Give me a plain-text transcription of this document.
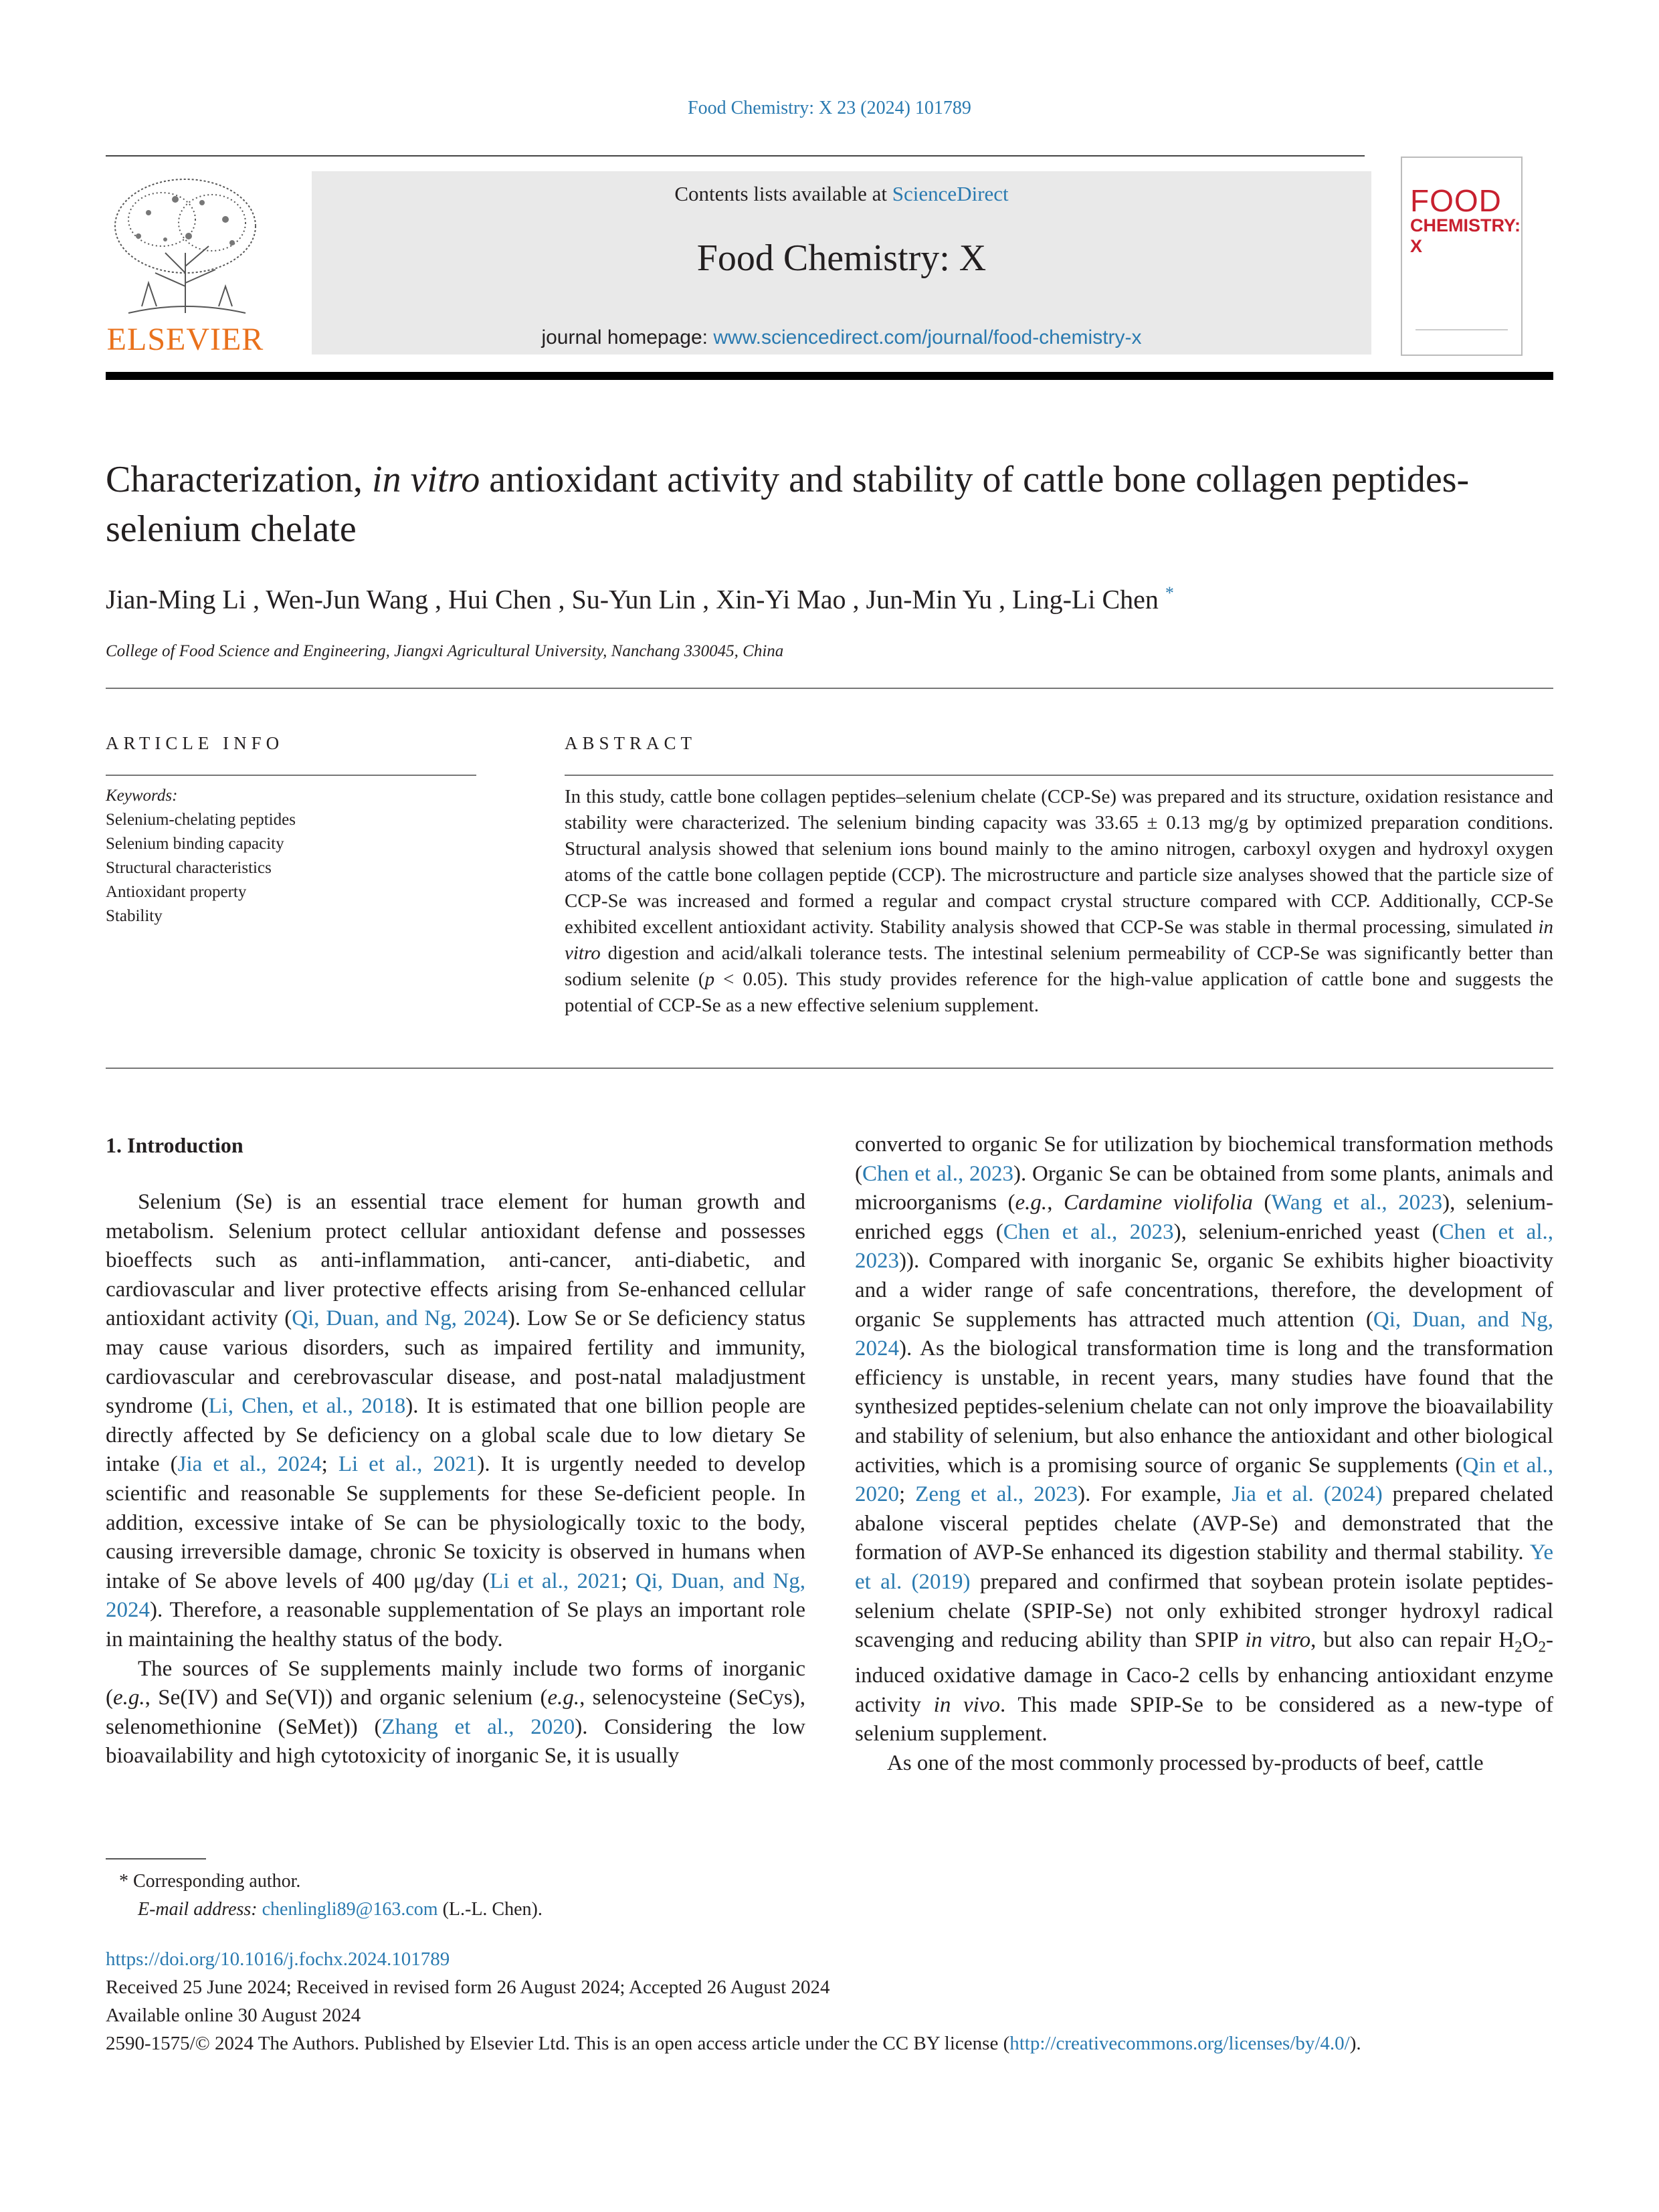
Food Chemistry: X 23 (2024) 101789
ELSEVIER
Contents lists available at ScienceDirect
Food Chemistry: X
journal homepage: www.sciencedirect.com/journal/food-chemistry-x
FOOD
CHEMISTRY: X
Characterization, in vitro antioxidant activity and stability of cattle bone collagen peptides-selenium chelate
Jian-Ming Li , Wen-Jun Wang , Hui Chen , Su-Yun Lin , Xin-Yi Mao , Jun-Min Yu , Ling-Li Chen *
College of Food Science and Engineering, Jiangxi Agricultural University, Nanchang 330045, China
ARTICLE INFO
Keywords:
Selenium-chelating peptides
Selenium binding capacity
Structural characteristics
Antioxidant property
Stability
ABSTRACT
In this study, cattle bone collagen peptides–selenium chelate (CCP-Se) was prepared and its structure, oxidation resistance and stability were characterized. The selenium binding capacity was 33.65 ± 0.13 mg/g by optimized preparation conditions. Structural analysis showed that selenium ions bound mainly to the amino nitrogen, carboxyl oxygen and hydroxyl oxygen atoms of the cattle bone collagen peptide (CCP). The microstructure and particle size analyses showed that the particle size of CCP-Se was increased and formed a regular and compact crystal structure compared with CCP. Additionally, CCP-Se exhibited excellent antioxidant activity. Stability analysis showed that CCP-Se was stable in thermal processing, simulated in vitro digestion and acid/alkali tolerance tests. The intestinal selenium permeability of CCP-Se was significantly better than sodium selenite (p < 0.05). This study provides reference for the high-value application of cattle bone and suggests the potential of CCP-Se as a new effective selenium supplement.
1. Introduction

Selenium (Se) is an essential trace element for human growth and metabolism. Selenium protect cellular antioxidant defense and possesses bioeffects such as anti-inflammation, anti-cancer, anti-diabetic, and cardiovascular and liver protective effects arising from Se-enhanced cellular antioxidant activity (Qi, Duan, and Ng, 2024). Low Se or Se deficiency status may cause various disorders, such as impaired fertility and immunity, cardiovascular and cerebrovascular disease, and post-natal maladjustment syndrome (Li, Chen, et al., 2018). It is estimated that one billion people are directly affected by Se deficiency on a global scale due to low dietary Se intake (Jia et al., 2024; Li et al., 2021). It is urgently needed to develop scientific and reasonable Se supplements for these Se-deficient people. In addition, excessive intake of Se can be physiologically toxic to the body, causing irreversible damage, chronic Se toxicity is observed in humans when intake of Se above levels of 400 μg/day (Li et al., 2021; Qi, Duan, and Ng, 2024). Therefore, a reasonable supplementation of Se plays an important role in maintaining the healthy status of the body.

The sources of Se supplements mainly include two forms of inorganic (e.g., Se(IV) and Se(VI)) and organic selenium (e.g., selenocysteine (SeCys), selenomethionine (SeMet)) (Zhang et al., 2020). Considering the low bioavailability and high cytotoxicity of inorganic Se, it is usually

converted to organic Se for utilization by biochemical transformation methods (Chen et al., 2023). Organic Se can be obtained from some plants, animals and microorganisms (e.g., Cardamine violifolia (Wang et al., 2023), selenium-enriched eggs (Chen et al., 2023), selenium-enriched yeast (Chen et al., 2023)). Compared with inorganic Se, organic Se exhibits higher bioactivity and a wider range of safe concentrations, therefore, the development of organic Se supplements has attracted much attention (Qi, Duan, and Ng, 2024). As the biological transformation time is long and the transformation efficiency is unstable, in recent years, many studies have found that the synthesized peptides-selenium chelate can not only improve the bioavailability and stability of selenium, but also enhance the antioxidant and other biological activities, which is a promising source of organic Se supplements (Qin et al., 2020; Zeng et al., 2023). For example, Jia et al. (2024) prepared chelated abalone visceral peptides chelate (AVP-Se) and demonstrated that the formation of AVP-Se enhanced its digestion stability and thermal stability. Ye et al. (2019) prepared and confirmed that soybean protein isolate peptides-selenium chelate (SPIP-Se) not only exhibited stronger hydroxyl radical scavenging and reducing ability than SPIP in vitro, but also can repair $H_2O_2$-induced oxidative damage in Caco-2 cells by enhancing antioxidant enzyme activity in vivo. This made SPIP-Se to be considered as a new-type of selenium supplement.

As one of the most commonly processed by-products of beef, cattle

* Corresponding author.
E-mail address: chenlingli89@163.com (L.-L. Chen).
https://doi.org/10.1016/j.fochx.2024.101789
Received 25 June 2024; Received in revised form 26 August 2024; Accepted 26 August 2024
Available online 30 August 2024
2590-1575/© 2024 The Authors. Published by Elsevier Ltd. This is an open access article under the CC BY license (http://creativecommons.org/licenses/by/4.0/).
